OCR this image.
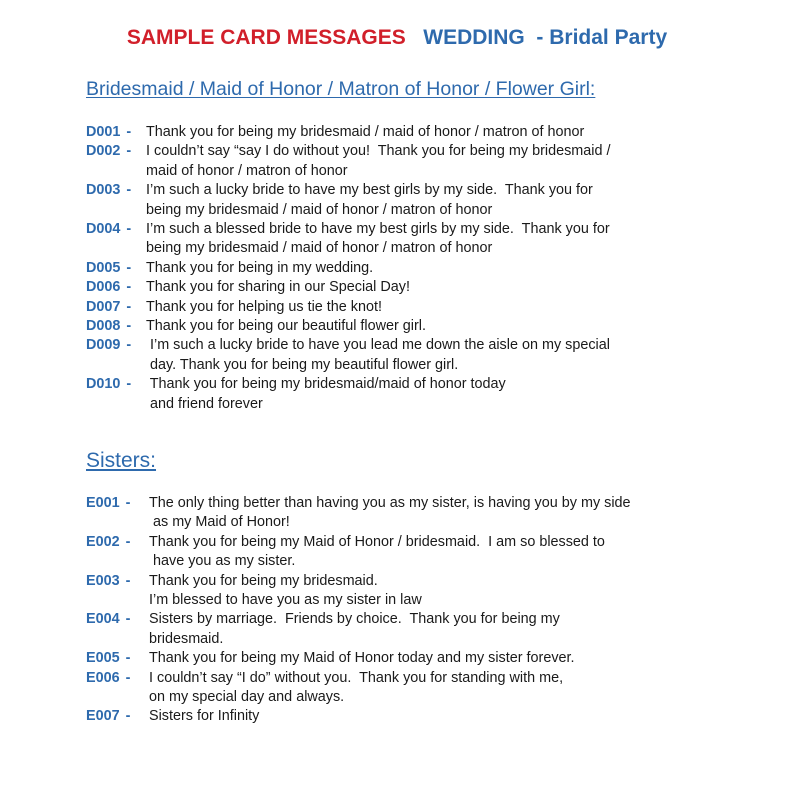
SAMPLE CARD MESSAGES WEDDING - Bridal Party
Bridesmaid / Maid of Honor / Matron of Honor / Flower Girl:
D001 -	Thank you for being my bridesmaid / maid of honor / matron of honor
D002 -	I couldn’t say “say I do without you!  Thank you for being my bridesmaid /
maid of honor / matron of honor
D003 -	I’m such a lucky bride to have my best girls by my side.  Thank you for
being my bridesmaid / maid of honor / matron of honor
D004 -	I’m such a blessed bride to have my best girls by my side.  Thank you for
being my bridesmaid / maid of honor / matron of honor
D005 -	Thank you for being in my wedding.
D006 -	Thank you for sharing in our Special Day!
D007 -	Thank you for helping us tie the knot!
D008 -	Thank you for being our beautiful flower girl.
D009 -	I’m such a lucky bride to have you lead me down the aisle on my special
day. Thank you for being my beautiful flower girl.
D010 -	Thank you for being my bridesmaid/maid of honor today
and friend forever
Sisters:
E001 -	The only thing better than having you as my sister, is having you by my side
as my Maid of Honor!
E002 -	Thank you for being my Maid of Honor / bridesmaid.  I am so blessed to
have you as my sister.
E003 -	Thank you for being my bridesmaid.
I’m blessed to have you as my sister in law
E004 -	Sisters by marriage.  Friends by choice.  Thank you for being my
bridesmaid.
E005 -	Thank you for being my Maid of Honor today and my sister forever.
E006 -	I couldn’t say “I do” without you.  Thank you for standing with me,
on my special day and always.
E007 -	Sisters for Infinity
